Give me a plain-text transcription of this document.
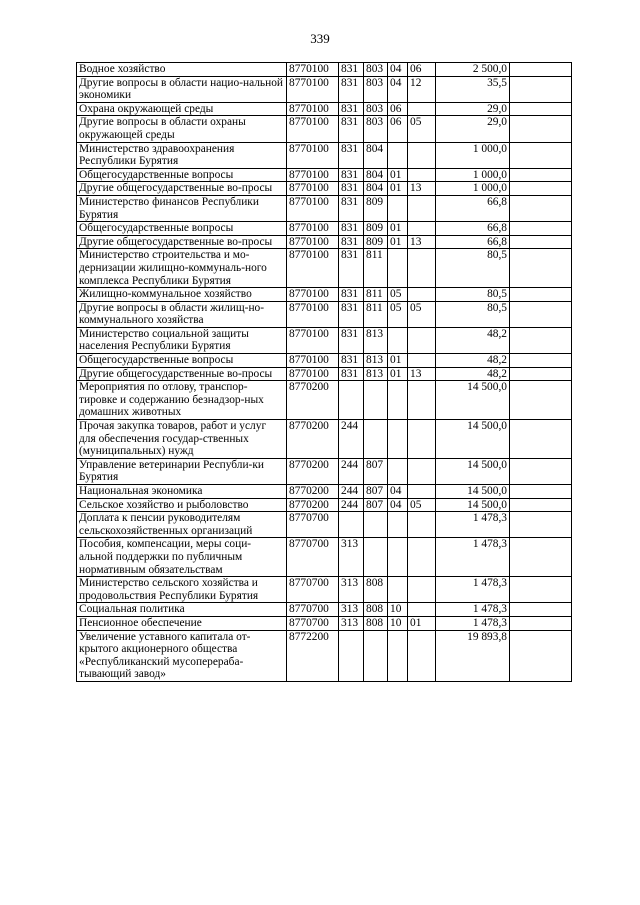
339
Водное хозяйство	8770100	831	803	04	06	2 500,0	
Другие вопросы в области нацио-нальной экономики	8770100	831	803	04	12	35,5	
Охрана окружающей среды	8770100	831	803	06		29,0	
Другие вопросы в области охраны окружающей среды	8770100	831	803	06	05	29,0	
Министерство здравоохранения Республики Бурятия	8770100	831	804			1 000,0	
Общегосударственные вопросы	8770100	831	804	01		1 000,0	
Другие общегосударственные во-просы	8770100	831	804	01	13	1 000,0	
Министерство финансов Республики Бурятия	8770100	831	809			66,8	
Общегосударственные вопросы	8770100	831	809	01		66,8	
Другие общегосударственные во-просы	8770100	831	809	01	13	66,8	
Министерство строительства и мо-дернизации жилищно-коммуналь-ного комплекса Республики Бурятия	8770100	831	811			80,5	
Жилищно-коммунальное хозяйство	8770100	831	811	05		80,5	
Другие вопросы в области жилищ-но-коммунального хозяйства	8770100	831	811	05	05	80,5	
Министерство социальной защиты населения Республики Бурятия	8770100	831	813			48,2	
Общегосударственные вопросы	8770100	831	813	01		48,2	
Другие общегосударственные во-просы	8770100	831	813	01	13	48,2	
Мероприятия по отлову, транспор-тировке и содержанию безнадзор-ных домашних животных	8770200					14 500,0	
Прочая закупка товаров, работ и услуг для обеспечения государ-ственных (муниципальных) нужд	8770200	244				14 500,0	
Управление ветеринарии Республи-ки Бурятия	8770200	244	807			14 500,0	
Национальная экономика	8770200	244	807	04		14 500,0	
Сельское хозяйство и рыболовство	8770200	244	807	04	05	14 500,0	
Доплата к пенсии руководителям сельскохозяйственных организаций	8770700					1 478,3	
Пособия, компенсации, меры соци-альной поддержки по публичным нормативным обязательствам	8770700	313				1 478,3	
Министерство сельского хозяйства и продовольствия Республики Бурятия	8770700	313	808			1 478,3	
Социальная политика	8770700	313	808	10		1 478,3	
Пенсионное обеспечение	8770700	313	808	10	01	1 478,3	
Увеличение уставного капитала от-крытого акционерного общества «Республиканский мусоперераба-тывающий завод»	8772200					19 893,8	
